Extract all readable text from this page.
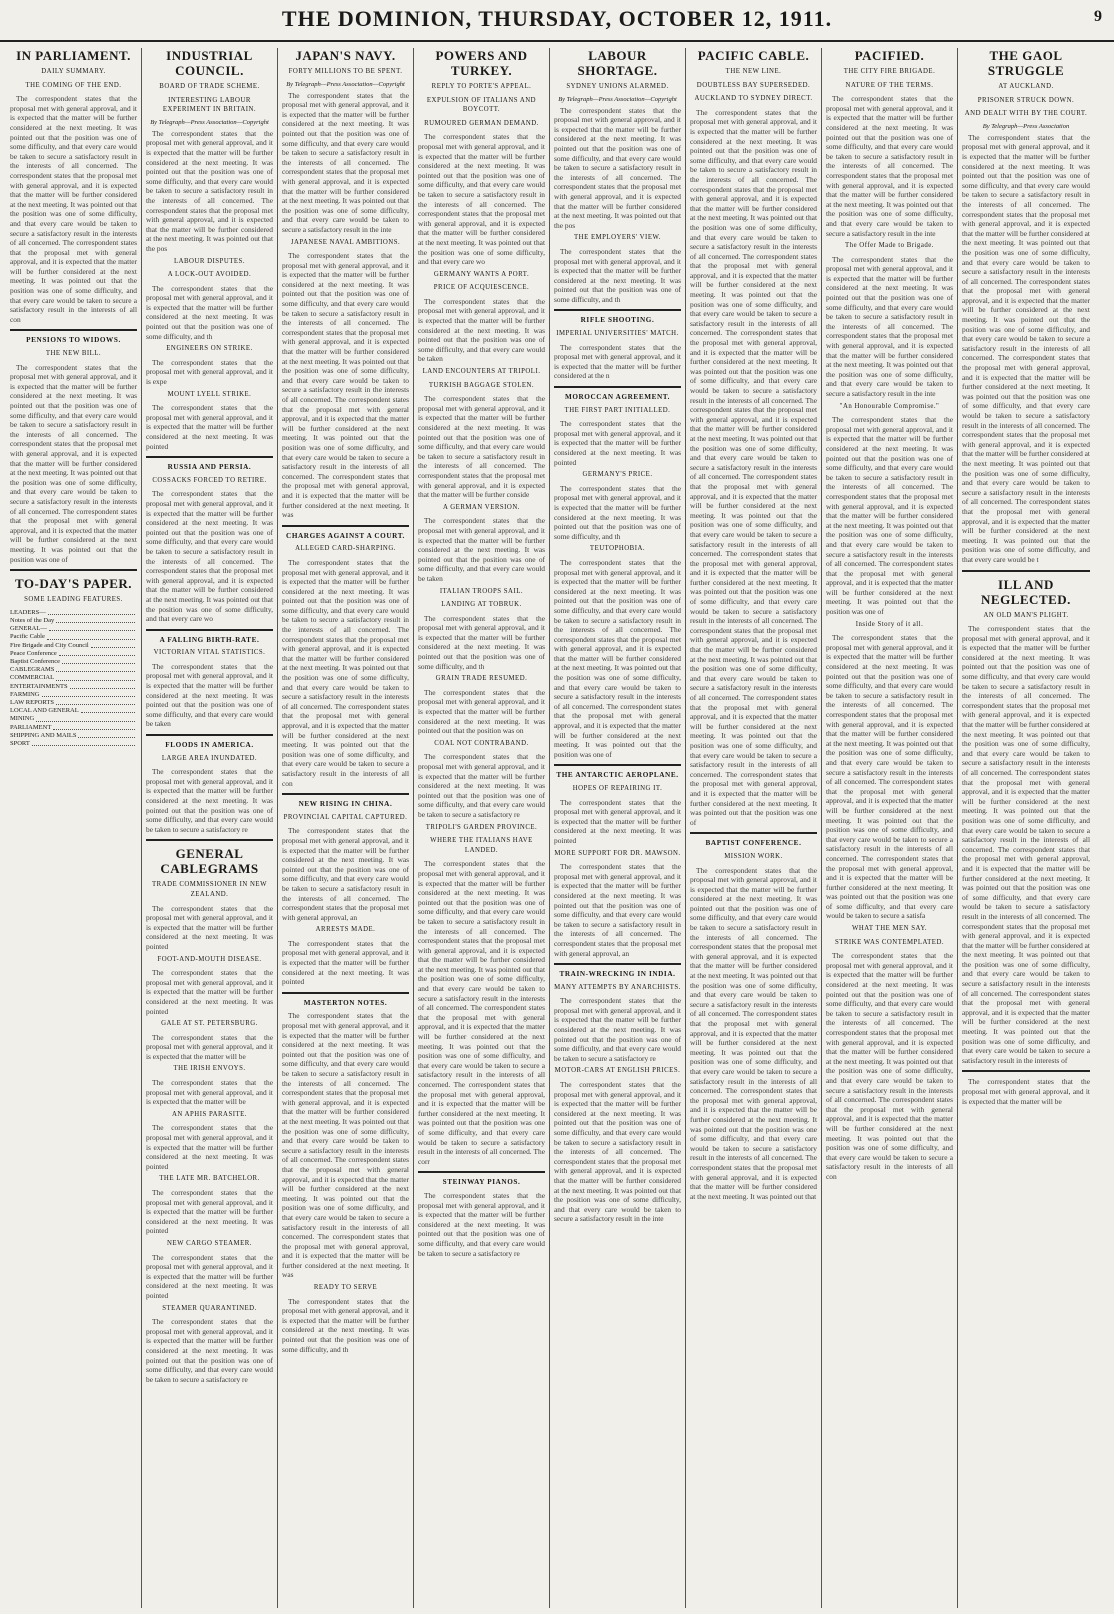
THE DOMINION, THURSDAY, OCTOBER 12, 1911.	9
IN PARLIAMENT.
DAILY SUMMARY.
THE COMING OF THE END.

The correspondent states that the proposal met with general approval, and it is expected that the matter will be further considered at the next meeting. It was pointed out that the position was one of some difficulty, and that every care would be taken to secure a satisfactory result in the interests of all concerned. The correspondent states that the proposal met with general approval, and it is expected that the matter will be further considered at the next meeting. It was pointed out that the position was one of some difficulty, and that every care would be taken to secure a satisfactory result in the interests of all concerned. The correspondent states that the proposal met with general approval, and it is expected that the matter will be further considered at the next meeting. It was pointed out that the position was one of some difficulty, and that every care would be taken to secure a satisfactory result in the interests of all con

PENSIONS TO WIDOWS.
THE NEW BILL.

The correspondent states that the proposal met with general approval, and it is expected that the matter will be further considered at the next meeting. It was pointed out that the position was one of some difficulty, and that every care would be taken to secure a satisfactory result in the interests of all concerned. The correspondent states that the proposal met with general approval, and it is expected that the matter will be further considered at the next meeting. It was pointed out that the position was one of some difficulty, and that every care would be taken to secure a satisfactory result in the interests of all concerned. The correspondent states that the proposal met with general approval, and it is expected that the matter will be further considered at the next meeting. It was pointed out that the position was one of

TO-DAY'S PAPER.
SOME LEADING FEATURES.
LEADERS—
Notes of the Day
GENERAL—
Pacific Cable
Fire Brigade and City Council
Peace Conference
Baptist Conference
CABLEGRAMS
COMMERCIAL
ENTERTAINMENTS
FARMING
LAW REPORTS
LOCAL AND GENERAL
MINING
PARLIAMENT
SHIPPING AND MAILS
SPORT
INDUSTRIAL COUNCIL.
BOARD OF TRADE SCHEME.
INTERESTING LABOUR EXPERIMENT IN BRITAIN.
By Telegraph—Press Association—Copyright

The correspondent states that the proposal met with general approval, and it is expected that the matter will be further considered at the next meeting. It was pointed out that the position was one of some difficulty, and that every care would be taken to secure a satisfactory result in the interests of all concerned. The correspondent states that the proposal met with general approval, and it is expected that the matter will be further considered at the next meeting. It was pointed out that the pos

LABOUR DISPUTES.
A LOCK-OUT AVOIDED.

The correspondent states that the proposal met with general approval, and it is expected that the matter will be further considered at the next meeting. It was pointed out that the position was one of some difficulty, and th

ENGINEERS ON STRIKE.

The correspondent states that the proposal met with general approval, and it is expe

MOUNT LYELL STRIKE.

The correspondent states that the proposal met with general approval, and it is expected that the matter will be further considered at the next meeting. It was pointed

RUSSIA AND PERSIA.
COSSACKS FORCED TO RETIRE.

The correspondent states that the proposal met with general approval, and it is expected that the matter will be further considered at the next meeting. It was pointed out that the position was one of some difficulty, and that every care would be taken to secure a satisfactory result in the interests of all concerned. The correspondent states that the proposal met with general approval, and it is expected that the matter will be further considered at the next meeting. It was pointed out that the position was one of some difficulty, and that every care wo

A FALLING BIRTH-RATE.
VICTORIAN VITAL STATISTICS.

The correspondent states that the proposal met with general approval, and it is expected that the matter will be further considered at the next meeting. It was pointed out that the position was one of some difficulty, and that every care would be taken

FLOODS IN AMERICA.
LARGE AREA INUNDATED.

The correspondent states that the proposal met with general approval, and it is expected that the matter will be further considered at the next meeting. It was pointed out that the position was one of some difficulty, and that every care would be taken to secure a satisfactory re

GENERAL CABLEGRAMS
TRADE COMMISSIONER IN NEW ZEALAND.

The correspondent states that the proposal met with general approval, and it is expected that the matter will be further considered at the next meeting. It was pointed

FOOT-AND-MOUTH DISEASE.

The correspondent states that the proposal met with general approval, and it is expected that the matter will be further considered at the next meeting. It was pointed

GALE AT ST. PETERSBURG.

The correspondent states that the proposal met with general approval, and it is expected that the matter will be

THE IRISH ENVOYS.

The correspondent states that the proposal met with general approval, and it is expected that the matter will be

AN APHIS PARASITE.

The correspondent states that the proposal met with general approval, and it is expected that the matter will be further considered at the next meeting. It was pointed

THE LATE MR. BATCHELOR.

The correspondent states that the proposal met with general approval, and it is expected that the matter will be further considered at the next meeting. It was pointed

NEW CARGO STEAMER.

The correspondent states that the proposal met with general approval, and it is expected that the matter will be further considered at the next meeting. It was pointed

STEAMER QUARANTINED.

The correspondent states that the proposal met with general approval, and it is expected that the matter will be further considered at the next meeting. It was pointed out that the position was one of some difficulty, and that every care would be taken to secure a satisfactory re

JAPAN'S NAVY.
FORTY MILLIONS TO BE SPENT.
By Telegraph—Press Association—Copyright

The correspondent states that the proposal met with general approval, and it is expected that the matter will be further considered at the next meeting. It was pointed out that the position was one of some difficulty, and that every care would be taken to secure a satisfactory result in the interests of all concerned. The correspondent states that the proposal met with general approval, and it is expected that the matter will be further considered at the next meeting. It was pointed out that the position was one of some difficulty, and that every care would be taken to secure a satisfactory result in the inte

JAPANESE NAVAL AMBITIONS.

The correspondent states that the proposal met with general approval, and it is expected that the matter will be further considered at the next meeting. It was pointed out that the position was one of some difficulty, and that every care would be taken to secure a satisfactory result in the interests of all concerned. The correspondent states that the proposal met with general approval, and it is expected that the matter will be further considered at the next meeting. It was pointed out that the position was one of some difficulty, and that every care would be taken to secure a satisfactory result in the interests of all concerned. The correspondent states that the proposal met with general approval, and it is expected that the matter will be further considered at the next meeting. It was pointed out that the position was one of some difficulty, and that every care would be taken to secure a satisfactory result in the interests of all concerned. The correspondent states that the proposal met with general approval, and it is expected that the matter will be further considered at the next meeting. It was

CHARGES AGAINST A COURT.
ALLEGED CARD-SHARPING.

The correspondent states that the proposal met with general approval, and it is expected that the matter will be further considered at the next meeting. It was pointed out that the position was one of some difficulty, and that every care would be taken to secure a satisfactory result in the interests of all concerned. The correspondent states that the proposal met with general approval, and it is expected that the matter will be further considered at the next meeting. It was pointed out that the position was one of some difficulty, and that every care would be taken to secure a satisfactory result in the interests of all concerned. The correspondent states that the proposal met with general approval, and it is expected that the matter will be further considered at the next meeting. It was pointed out that the position was one of some difficulty, and that every care would be taken to secure a satisfactory result in the interests of all con

NEW RISING IN CHINA.
PROVINCIAL CAPITAL CAPTURED.

The correspondent states that the proposal met with general approval, and it is expected that the matter will be further considered at the next meeting. It was pointed out that the position was one of some difficulty, and that every care would be taken to secure a satisfactory result in the interests of all concerned. The correspondent states that the proposal met with general approval, an

ARRESTS MADE.

The correspondent states that the proposal met with general approval, and it is expected that the matter will be further considered at the next meeting. It was pointed

MASTERTON NOTES.

The correspondent states that the proposal met with general approval, and it is expected that the matter will be further considered at the next meeting. It was pointed out that the position was one of some difficulty, and that every care would be taken to secure a satisfactory result in the interests of all concerned. The correspondent states that the proposal met with general approval, and it is expected that the matter will be further considered at the next meeting. It was pointed out that the position was one of some difficulty, and that every care would be taken to secure a satisfactory result in the interests of all concerned. The correspondent states that the proposal met with general approval, and it is expected that the matter will be further considered at the next meeting. It was pointed out that the position was one of some difficulty, and that every care would be taken to secure a satisfactory result in the interests of all concerned. The correspondent states that the proposal met with general approval, and it is expected that the matter will be further considered at the next meeting. It was

READY TO SERVE

The correspondent states that the proposal met with general approval, and it is expected that the matter will be further considered at the next meeting. It was pointed out that the position was one of some difficulty, and th

POWERS AND TURKEY.
REPLY TO PORTE'S APPEAL.
EXPULSION OF ITALIANS AND BOYCOTT.
RUMOURED GERMAN DEMAND.

The correspondent states that the proposal met with general approval, and it is expected that the matter will be further considered at the next meeting. It was pointed out that the position was one of some difficulty, and that every care would be taken to secure a satisfactory result in the interests of all concerned. The correspondent states that the proposal met with general approval, and it is expected that the matter will be further considered at the next meeting. It was pointed out that the position was one of some difficulty, and that every care wo

GERMANY WANTS A PORT.
PRICE OF ACQUIESCENCE.

The correspondent states that the proposal met with general approval, and it is expected that the matter will be further considered at the next meeting. It was pointed out that the position was one of some difficulty, and that every care would be taken

LAND ENCOUNTERS AT TRIPOLI.
TURKISH BAGGAGE STOLEN.

The correspondent states that the proposal met with general approval, and it is expected that the matter will be further considered at the next meeting. It was pointed out that the position was one of some difficulty, and that every care would be taken to secure a satisfactory result in the interests of all concerned. The correspondent states that the proposal met with general approval, and it is expected that the matter will be further conside

A GERMAN VERSION.

The correspondent states that the proposal met with general approval, and it is expected that the matter will be further considered at the next meeting. It was pointed out that the position was one of some difficulty, and that every care would be taken

ITALIAN TROOPS SAIL.
LANDING AT TOBRUK.

The correspondent states that the proposal met with general approval, and it is expected that the matter will be further considered at the next meeting. It was pointed out that the position was one of some difficulty, and th

GRAIN TRADE RESUMED.

The correspondent states that the proposal met with general approval, and it is expected that the matter will be further considered at the next meeting. It was pointed out that the position was on

COAL NOT CONTRABAND.

The correspondent states that the proposal met with general approval, and it is expected that the matter will be further considered at the next meeting. It was pointed out that the position was one of some difficulty, and that every care would be taken to secure a satisfactory re

TRIPOLI'S GARDEN PROVINCE.
WHERE THE ITALIANS HAVE LANDED.

The correspondent states that the proposal met with general approval, and it is expected that the matter will be further considered at the next meeting. It was pointed out that the position was one of some difficulty, and that every care would be taken to secure a satisfactory result in the interests of all concerned. The correspondent states that the proposal met with general approval, and it is expected that the matter will be further considered at the next meeting. It was pointed out that the position was one of some difficulty, and that every care would be taken to secure a satisfactory result in the interests of all concerned. The correspondent states that the proposal met with general approval, and it is expected that the matter will be further considered at the next meeting. It was pointed out that the position was one of some difficulty, and that every care would be taken to secure a satisfactory result in the interests of all concerned. The correspondent states that the proposal met with general approval, and it is expected that the matter will be further considered at the next meeting. It was pointed out that the position was one of some difficulty, and that every care would be taken to secure a satisfactory result in the interests of all concerned. The corr

STEINWAY PIANOS.

The correspondent states that the proposal met with general approval, and it is expected that the matter will be further considered at the next meeting. It was pointed out that the position was one of some difficulty, and that every care would be taken to secure a satisfactory re

LABOUR SHORTAGE.
SYDNEY UNIONS ALARMED.
By Telegraph—Press Association—Copyright

The correspondent states that the proposal met with general approval, and it is expected that the matter will be further considered at the next meeting. It was pointed out that the position was one of some difficulty, and that every care would be taken to secure a satisfactory result in the interests of all concerned. The correspondent states that the proposal met with general approval, and it is expected that the matter will be further considered at the next meeting. It was pointed out that the pos

THE EMPLOYERS' VIEW.

The correspondent states that the proposal met with general approval, and it is expected that the matter will be further considered at the next meeting. It was pointed out that the position was one of some difficulty, and th

RIFLE SHOOTING.
IMPERIAL UNIVERSITIES' MATCH.

The correspondent states that the proposal met with general approval, and it is expected that the matter will be further considered at the n

MOROCCAN AGREEMENT.
THE FIRST PART INITIALLED.

The correspondent states that the proposal met with general approval, and it is expected that the matter will be further considered at the next meeting. It was pointed

GERMANY'S PRICE.

The correspondent states that the proposal met with general approval, and it is expected that the matter will be further considered at the next meeting. It was pointed out that the position was one of some difficulty, and th

TEUTOPHOBIA.

The correspondent states that the proposal met with general approval, and it is expected that the matter will be further considered at the next meeting. It was pointed out that the position was one of some difficulty, and that every care would be taken to secure a satisfactory result in the interests of all concerned. The correspondent states that the proposal met with general approval, and it is expected that the matter will be further considered at the next meeting. It was pointed out that the position was one of some difficulty, and that every care would be taken to secure a satisfactory result in the interests of all concerned. The correspondent states that the proposal met with general approval, and it is expected that the matter will be further considered at the next meeting. It was pointed out that the position was one of

THE ANTARCTIC AEROPLANE.
HOPES OF REPAIRING IT.

The correspondent states that the proposal met with general approval, and it is expected that the matter will be further considered at the next meeting. It was pointed

MORE SUPPORT FOR DR. MAWSON.

The correspondent states that the proposal met with general approval, and it is expected that the matter will be further considered at the next meeting. It was pointed out that the position was one of some difficulty, and that every care would be taken to secure a satisfactory result in the interests of all concerned. The correspondent states that the proposal met with general approval, an

TRAIN-WRECKING IN INDIA.
MANY ATTEMPTS BY ANARCHISTS.

The correspondent states that the proposal met with general approval, and it is expected that the matter will be further considered at the next meeting. It was pointed out that the position was one of some difficulty, and that every care would be taken to secure a satisfactory re

MOTOR-CARS AT ENGLISH PRICES.

The correspondent states that the proposal met with general approval, and it is expected that the matter will be further considered at the next meeting. It was pointed out that the position was one of some difficulty, and that every care would be taken to secure a satisfactory result in the interests of all concerned. The correspondent states that the proposal met with general approval, and it is expected that the matter will be further considered at the next meeting. It was pointed out that the position was one of some difficulty, and that every care would be taken to secure a satisfactory result in the inte

PACIFIC CABLE.
THE NEW LINE.
DOUBTLESS BAY SUPERSEDED.
AUCKLAND TO SYDNEY DIRECT.

The correspondent states that the proposal met with general approval, and it is expected that the matter will be further considered at the next meeting. It was pointed out that the position was one of some difficulty, and that every care would be taken to secure a satisfactory result in the interests of all concerned. The correspondent states that the proposal met with general approval, and it is expected that the matter will be further considered at the next meeting. It was pointed out that the position was one of some difficulty, and that every care would be taken to secure a satisfactory result in the interests of all concerned. The correspondent states that the proposal met with general approval, and it is expected that the matter will be further considered at the next meeting. It was pointed out that the position was one of some difficulty, and that every care would be taken to secure a satisfactory result in the interests of all concerned. The correspondent states that the proposal met with general approval, and it is expected that the matter will be further considered at the next meeting. It was pointed out that the position was one of some difficulty, and that every care would be taken to secure a satisfactory result in the interests of all concerned. The correspondent states that the proposal met with general approval, and it is expected that the matter will be further considered at the next meeting. It was pointed out that the position was one of some difficulty, and that every care would be taken to secure a satisfactory result in the interests of all concerned. The correspondent states that the proposal met with general approval, and it is expected that the matter will be further considered at the next meeting. It was pointed out that the position was one of some difficulty, and that every care would be taken to secure a satisfactory result in the interests of all concerned. The correspondent states that the proposal met with general approval, and it is expected that the matter will be further considered at the next meeting. It was pointed out that the position was one of some difficulty, and that every care would be taken to secure a satisfactory result in the interests of all concerned. The correspondent states that the proposal met with general approval, and it is expected that the matter will be further considered at the next meeting. It was pointed out that the position was one of some difficulty, and that every care would be taken to secure a satisfactory result in the interests of all concerned. The correspondent states that the proposal met with general approval, and it is expected that the matter will be further considered at the next meeting. It was pointed out that the position was one of some difficulty, and that every care would be taken to secure a satisfactory result in the interests of all concerned. The correspondent states that the proposal met with general approval, and it is expected that the matter will be further considered at the next meeting. It was pointed out that the position was one of

BAPTIST CONFERENCE.
MISSION WORK.

The correspondent states that the proposal met with general approval, and it is expected that the matter will be further considered at the next meeting. It was pointed out that the position was one of some difficulty, and that every care would be taken to secure a satisfactory result in the interests of all concerned. The correspondent states that the proposal met with general approval, and it is expected that the matter will be further considered at the next meeting. It was pointed out that the position was one of some difficulty, and that every care would be taken to secure a satisfactory result in the interests of all concerned. The correspondent states that the proposal met with general approval, and it is expected that the matter will be further considered at the next meeting. It was pointed out that the position was one of some difficulty, and that every care would be taken to secure a satisfactory result in the interests of all concerned. The correspondent states that the proposal met with general approval, and it is expected that the matter will be further considered at the next meeting. It was pointed out that the position was one of some difficulty, and that every care would be taken to secure a satisfactory result in the interests of all concerned. The correspondent states that the proposal met with general approval, and it is expected that the matter will be further considered at the next meeting. It was pointed out that

PACIFIED.
THE CITY FIRE BRIGADE.
NATURE OF THE TERMS.

The correspondent states that the proposal met with general approval, and it is expected that the matter will be further considered at the next meeting. It was pointed out that the position was one of some difficulty, and that every care would be taken to secure a satisfactory result in the interests of all concerned. The correspondent states that the proposal met with general approval, and it is expected that the matter will be further considered at the next meeting. It was pointed out that the position was one of some difficulty, and that every care would be taken to secure a satisfactory result in the inte

The Offer Made to Brigade.

The correspondent states that the proposal met with general approval, and it is expected that the matter will be further considered at the next meeting. It was pointed out that the position was one of some difficulty, and that every care would be taken to secure a satisfactory result in the interests of all concerned. The correspondent states that the proposal met with general approval, and it is expected that the matter will be further considered at the next meeting. It was pointed out that the position was one of some difficulty, and that every care would be taken to secure a satisfactory result in the inte

"An Honourable Compromise."

The correspondent states that the proposal met with general approval, and it is expected that the matter will be further considered at the next meeting. It was pointed out that the position was one of some difficulty, and that every care would be taken to secure a satisfactory result in the interests of all concerned. The correspondent states that the proposal met with general approval, and it is expected that the matter will be further considered at the next meeting. It was pointed out that the position was one of some difficulty, and that every care would be taken to secure a satisfactory result in the interests of all concerned. The correspondent states that the proposal met with general approval, and it is expected that the matter will be further considered at the next meeting. It was pointed out that the position was one of

Inside Story of it all.

The correspondent states that the proposal met with general approval, and it is expected that the matter will be further considered at the next meeting. It was pointed out that the position was one of some difficulty, and that every care would be taken to secure a satisfactory result in the interests of all concerned. The correspondent states that the proposal met with general approval, and it is expected that the matter will be further considered at the next meeting. It was pointed out that the position was one of some difficulty, and that every care would be taken to secure a satisfactory result in the interests of all concerned. The correspondent states that the proposal met with general approval, and it is expected that the matter will be further considered at the next meeting. It was pointed out that the position was one of some difficulty, and that every care would be taken to secure a satisfactory result in the interests of all concerned. The correspondent states that the proposal met with general approval, and it is expected that the matter will be further considered at the next meeting. It was pointed out that the position was one of some difficulty, and that every care would be taken to secure a satisfa

WHAT THE MEN SAY.
STRIKE WAS CONTEMPLATED.

The correspondent states that the proposal met with general approval, and it is expected that the matter will be further considered at the next meeting. It was pointed out that the position was one of some difficulty, and that every care would be taken to secure a satisfactory result in the interests of all concerned. The correspondent states that the proposal met with general approval, and it is expected that the matter will be further considered at the next meeting. It was pointed out that the position was one of some difficulty, and that every care would be taken to secure a satisfactory result in the interests of all concerned. The correspondent states that the proposal met with general approval, and it is expected that the matter will be further considered at the next meeting. It was pointed out that the position was one of some difficulty, and that every care would be taken to secure a satisfactory result in the interests of all con

THE GAOL STRUGGLE
AT AUCKLAND.
PRISONER STRUCK DOWN.
AND DEALT WITH BY THE COURT.
By Telegraph—Press Association

The correspondent states that the proposal met with general approval, and it is expected that the matter will be further considered at the next meeting. It was pointed out that the position was one of some difficulty, and that every care would be taken to secure a satisfactory result in the interests of all concerned. The correspondent states that the proposal met with general approval, and it is expected that the matter will be further considered at the next meeting. It was pointed out that the position was one of some difficulty, and that every care would be taken to secure a satisfactory result in the interests of all concerned. The correspondent states that the proposal met with general approval, and it is expected that the matter will be further considered at the next meeting. It was pointed out that the position was one of some difficulty, and that every care would be taken to secure a satisfactory result in the interests of all concerned. The correspondent states that the proposal met with general approval, and it is expected that the matter will be further considered at the next meeting. It was pointed out that the position was one of some difficulty, and that every care would be taken to secure a satisfactory result in the interests of all concerned. The correspondent states that the proposal met with general approval, and it is expected that the matter will be further considered at the next meeting. It was pointed out that the position was one of some difficulty, and that every care would be taken to secure a satisfactory result in the interests of all concerned. The correspondent states that the proposal met with general approval, and it is expected that the matter will be further considered at the next meeting. It was pointed out that the position was one of some difficulty, and that every care would be t

ILL AND NEGLECTED.
AN OLD MAN'S PLIGHT.

The correspondent states that the proposal met with general approval, and it is expected that the matter will be further considered at the next meeting. It was pointed out that the position was one of some difficulty, and that every care would be taken to secure a satisfactory result in the interests of all concerned. The correspondent states that the proposal met with general approval, and it is expected that the matter will be further considered at the next meeting. It was pointed out that the position was one of some difficulty, and that every care would be taken to secure a satisfactory result in the interests of all concerned. The correspondent states that the proposal met with general approval, and it is expected that the matter will be further considered at the next meeting. It was pointed out that the position was one of some difficulty, and that every care would be taken to secure a satisfactory result in the interests of all concerned. The correspondent states that the proposal met with general approval, and it is expected that the matter will be further considered at the next meeting. It was pointed out that the position was one of some difficulty, and that every care would be taken to secure a satisfactory result in the interests of all concerned. The correspondent states that the proposal met with general approval, and it is expected that the matter will be further considered at the next meeting. It was pointed out that the position was one of some difficulty, and that every care would be taken to secure a satisfactory result in the interests of all concerned. The correspondent states that the proposal met with general approval, and it is expected that the matter will be further considered at the next meeting. It was pointed out that the position was one of some difficulty, and that every care would be taken to secure a satisfactory result in the interests of

The correspondent states that the proposal met with general approval, and it is expected that the matter will be
